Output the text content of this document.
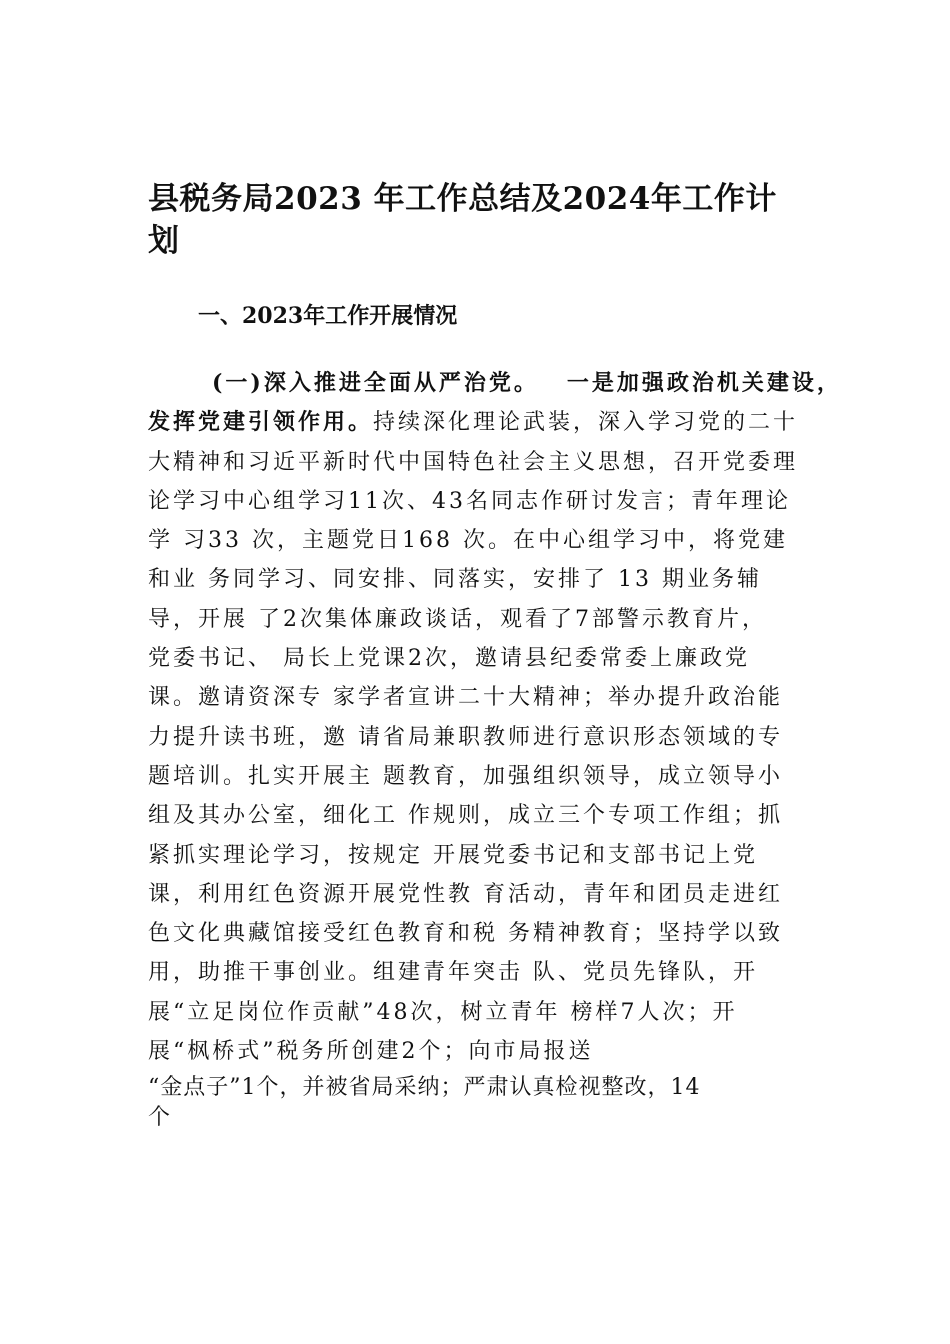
县税务局2023 年工作总结及2024年工作计划
一、2023年工作开展情况
(一)深入推进全面从严治党。 一是加强政治机关建设，
发挥党建引领作用。持续深化理论武装，深入学习党的二十
大精神和习近平新时代中国特色社会主义思想，召开党委理
论学习中心组学习11次、43名同志作研讨发言；青年理论
学 习33 次，主题党日168 次。在中心组学习中，将党建
和业 务同学习、同安排、同落实，安排了 13 期业务辅
导，开展 了2次集体廉政谈话，观看了7部警示教育片，
党委书记、 局长上党课2次，邀请县纪委常委上廉政党
课。邀请资深专 家学者宣讲二十大精神；举办提升政治能
力提升读书班，邀 请省局兼职教师进行意识形态领域的专
题培训。扎实开展主 题教育，加强组织领导，成立领导小
组及其办公室，细化工 作规则，成立三个专项工作组；抓
紧抓实理论学习，按规定 开展党委书记和支部书记上党
课，利用红色资源开展党性教 育活动，青年和团员走进红
色文化典藏馆接受红色教育和税 务精神教育；坚持学以致
用，助推干事创业。组建青年突击 队、党员先锋队，开
展“立足岗位作贡献”48次，树立青年 榜样7人次；开
展“枫桥式”税务所创建2个；向市局报送
“金点子”1个，并被省局采纳；严肃认真检视整改，14
个
